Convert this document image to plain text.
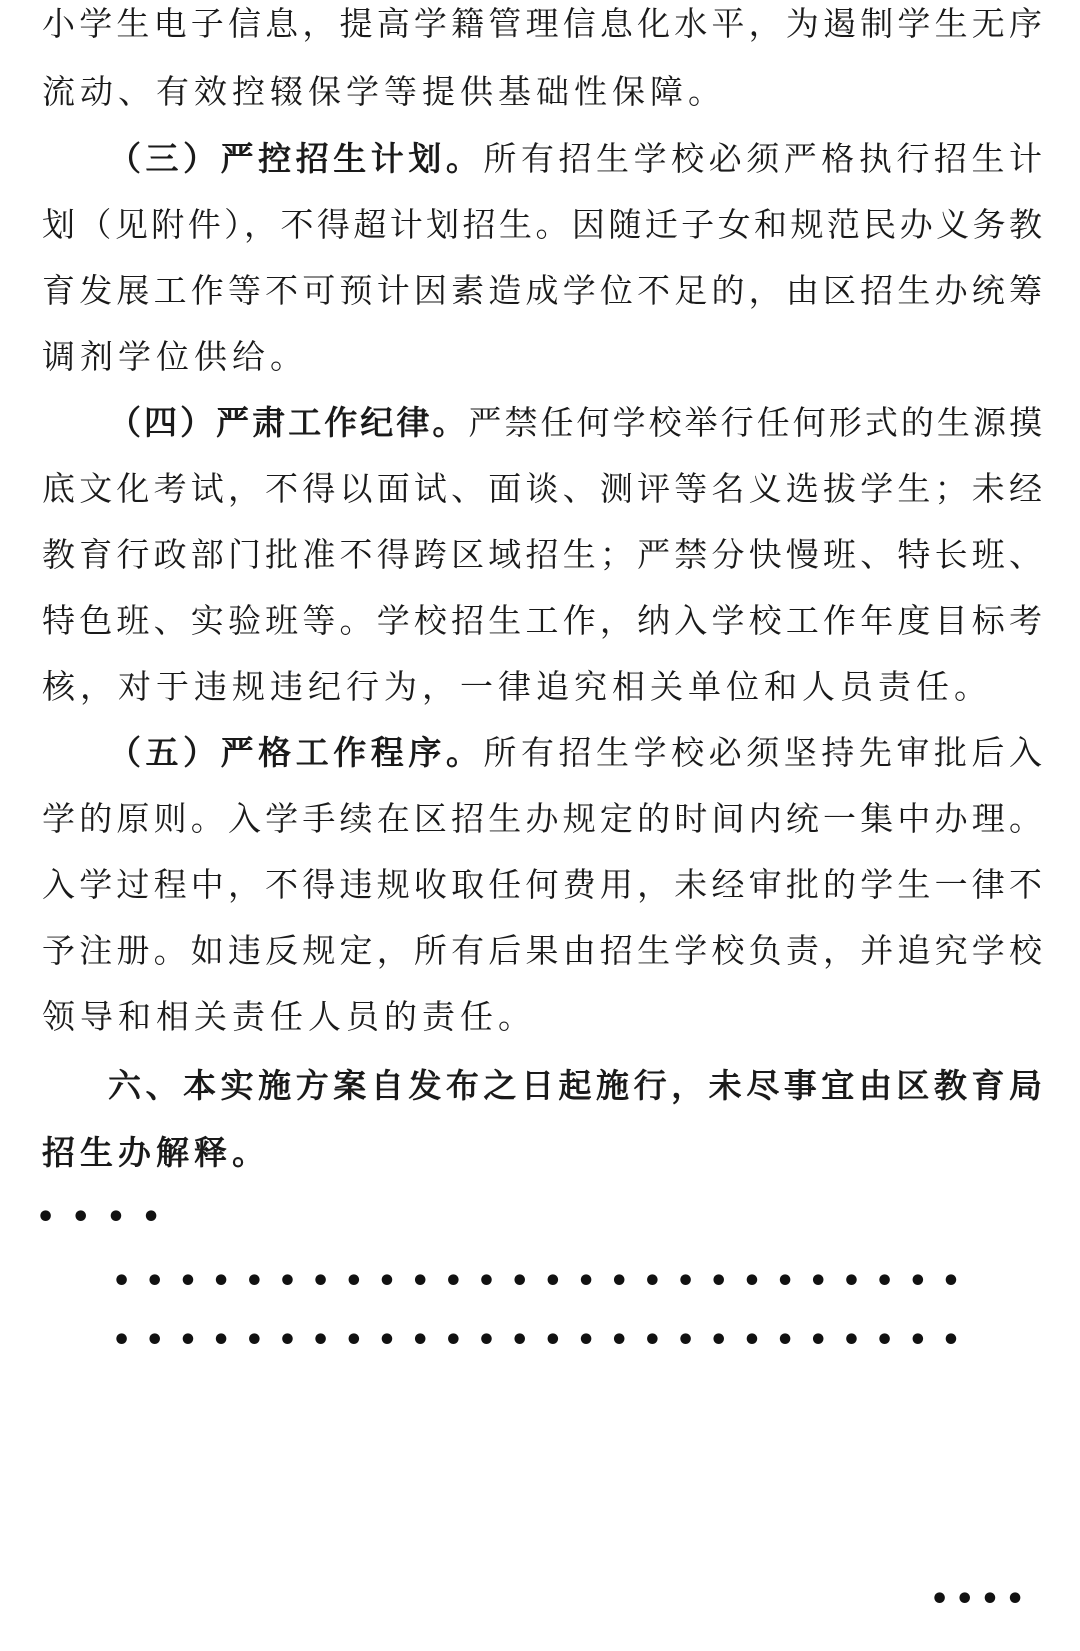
小学生电子信息，提高学籍管理信息化水平，为遏制学生无序
流动、有效控辍保学等提供基础性保障。
（三）严控招生计划。所有招生学校必须严格执行招生计
划（见附件），不得超计划招生。因随迁子女和规范民办义务教
育发展工作等不可预计因素造成学位不足的，由区招生办统筹
调剂学位供给。
（四）严肃工作纪律。严禁任何学校举行任何形式的生源摸
底文化考试，不得以面试、面谈、测评等名义选拔学生；未经
教育行政部门批准不得跨区域招生；严禁分快慢班、特长班、
特色班、实验班等。学校招生工作，纳入学校工作年度目标考
核，对于违规违纪行为，一律追究相关单位和人员责任。
（五）严格工作程序。所有招生学校必须坚持先审批后入
学的原则。入学手续在区招生办规定的时间内统一集中办理。
入学过程中，不得违规收取任何费用，未经审批的学生一律不
予注册。如违反规定，所有后果由招生学校负责，并追究学校
领导和相关责任人员的责任。
六、本实施方案自发布之日起施行，未尽事宜由区教育局
招生办解释。
••••
••••••••••••••••••••••••••
••••••••••••••••••••••••••
••••
